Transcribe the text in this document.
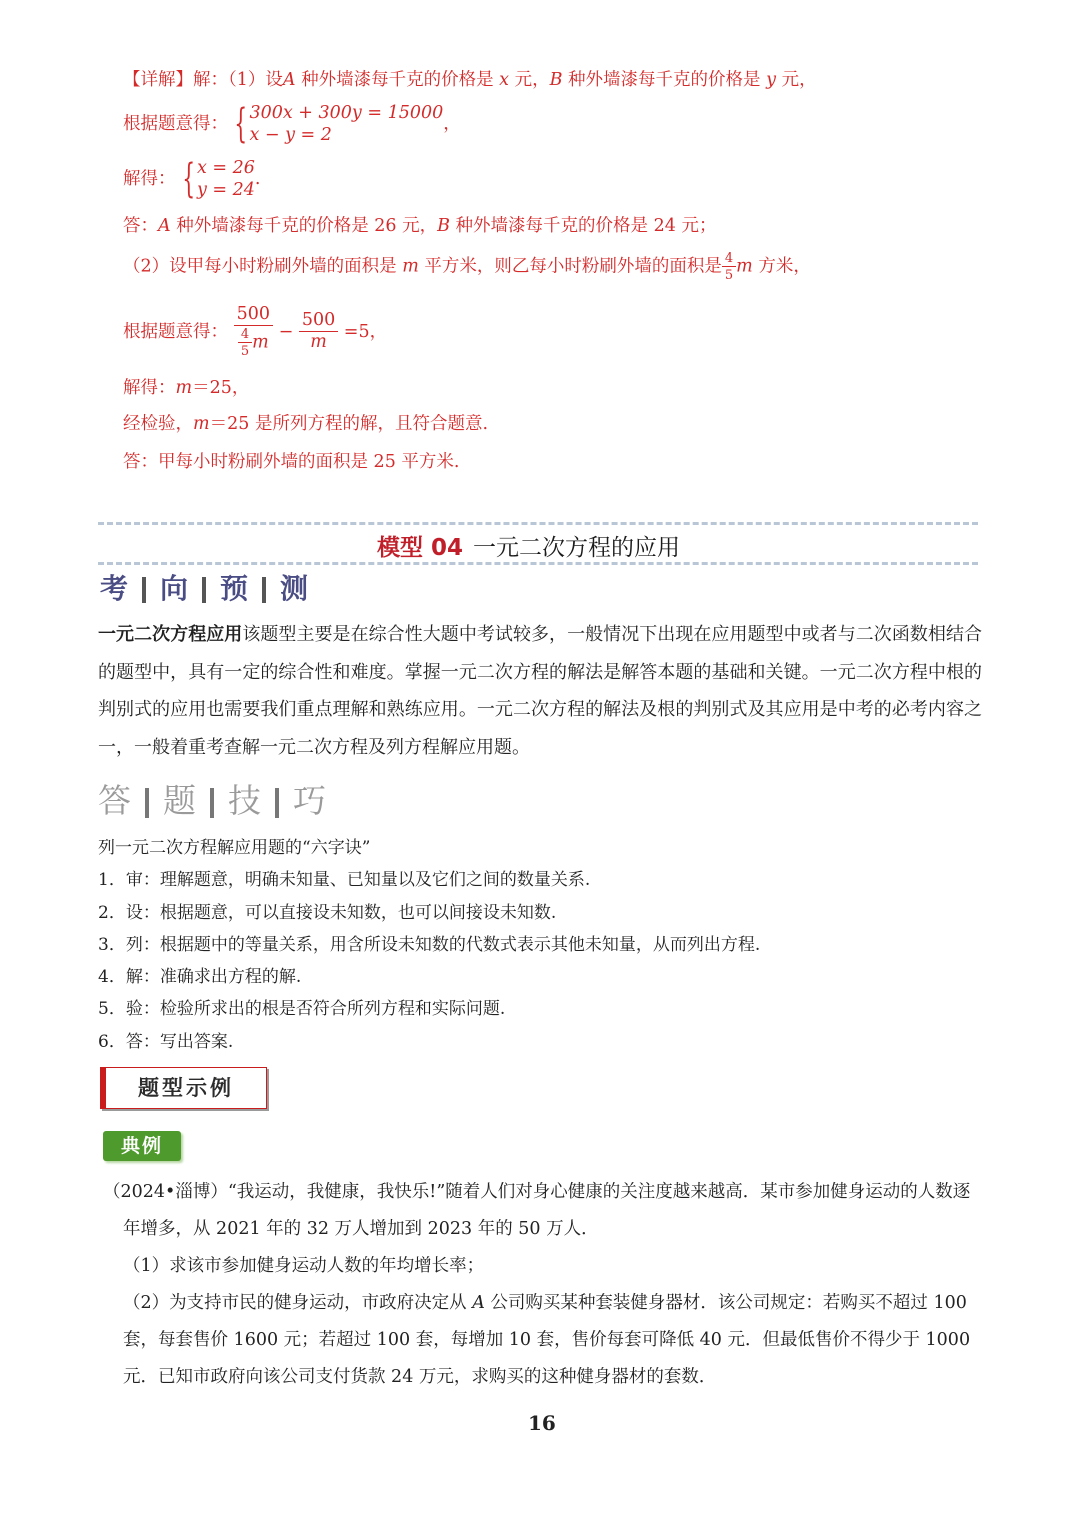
【详解】解：（1）设A 种外墙漆每千克的价格是 x 元，B 种外墙漆每千克的价格是 y 元，
根据题意得： { 300x + 300y = 15000
x − y = 2，
解得： { x = 26
y = 24.
答：A 种外墙漆每千克的价格是 26 元，B 种外墙漆每千克的价格是 24 元；
（2）设甲每小时粉刷外墙的面积是 m 平方米，则乙每小时粉刷外墙的面积是 $\frac{4}{5}$ m 方米，
根据题意得： $\frac{500}{\frac{4}{5} m} - \frac{500}{m} =5$，
解得：m＝25，
经检验，m＝25 是所列方程的解，且符合题意.
答：甲每小时粉刷外墙的面积是 25 平方米.
模型 04 一元二次方程的应用
考 向 预 测
一元二次方程应用该题型主要是在综合性大题中考试较多，一般情况下出现在应用题型中或者与二次函数相结合的题型中，具有一定的综合性和难度。掌握一元二次方程的解法是解答本题的基础和关键。一元二次方程中根的判别式的应用也需要我们重点理解和熟练应用。一元二次方程的解法及根的判别式及其应用是中考的必考内容之一，一般着重考查解一元二次方程及列方程解应用题。
答 题 技 巧
列一元二次方程解应用题的“六字诀”
1．审：理解题意，明确未知量、已知量以及它们之间的数量关系.
2．设：根据题意，可以直接设未知数，也可以间接设未知数.
3．列：根据题中的等量关系，用含所设未知数的代数式表示其他未知量，从而列出方程.
4．解：准确求出方程的解.
5．验：检验所求出的根是否符合所列方程和实际问题.
6．答：写出答案.
题型示例
典例
（2024•淄博）“我运动，我健康，我快乐!”随着人们对身心健康的关注度越来越高．某市参加健身运动的人数逐年增多，从 2021 年的 32 万人增加到 2023 年的 50 万人．
（1）求该市参加健身运动人数的年均增长率；
（2）为支持市民的健身运动，市政府决定从 A 公司购买某种套装健身器材．该公司规定：若购买不超过 100 套，每套售价 1600 元；若超过 100 套，每增加 10 套，售价每套可降低 40 元．但最低售价不得少于 1000 元．已知市政府向该公司支付货款 24 万元，求购买的这种健身器材的套数．
16
